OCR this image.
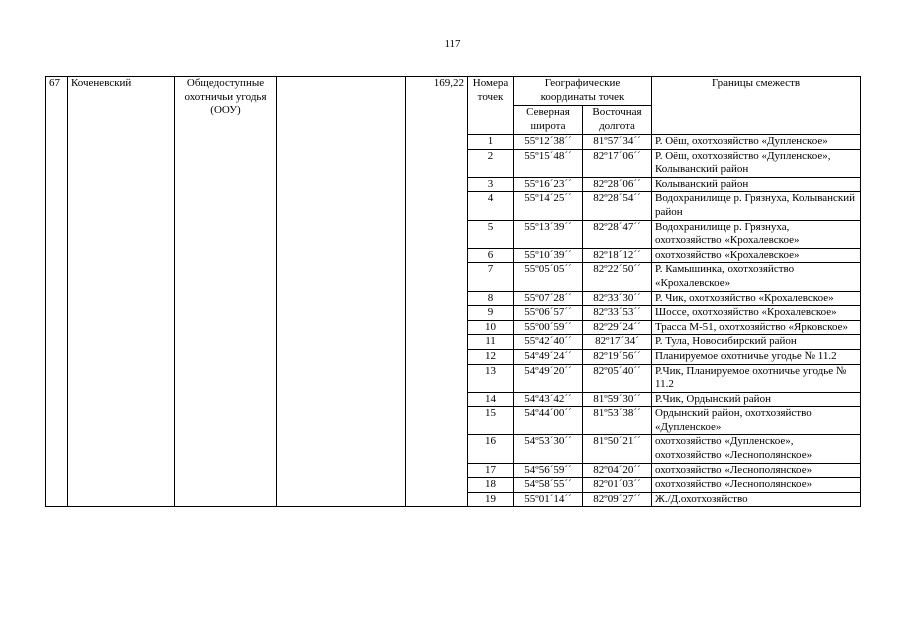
117
67	Коченевский	Общедоступные охотничьи угодья (ООУ)		169,22	Номера точек	Географические координаты точек		Границы смежеств
						Северная широта	Восточная долгота	
					1	55º12´38´´	81º57´34´´	Р. Оёш, охотхозяйство «Дупленское»
					2	55º15´48´´	82º17´06´´	Р. Оёш, охотхозяйство «Дупленское», Колыванский район
					3	55º16´23´´	82º28´06´´	Колыванский район
					4	55º14´25´´	82º28´54´´	Водохранилище р. Грязнуха, Колыванский район
					5	55º13´39´´	82º28´47´´	Водохранилище р. Грязнуха, охотхозяйство «Крохалевское»
					6	55º10´39´´	82º18´12´´	охотхозяйство «Крохалевское»
					7	55º05´05´´	82º22´50´´	Р. Камышинка, охотхозяйство «Крохалевское»
					8	55º07´28´´	82º33´30´´	Р. Чик, охотхозяйство «Крохалевское»
					9	55º06´57´´	82º33´53´´	Шоссе, охотхозяйство «Крохалевское»
					10	55º00´59´´	82º29´24´´	Трасса М-51, охотхозяйство «Ярковское»
					11	55º42´40´´	82º17´34´	Р. Тула, Новосибирский район
					12	54º49´24´´	82º19´56´´	Планируемое охотничье угодье № 11.2
					13	54º49´20´´	82º05´40´´	Р.Чик, Планируемое охотничье угодье № 11.2
					14	54º43´42´´	81º59´30´´	Р.Чик, Ордынский район
					15	54º44´00´´	81º53´38´´	Ордынский район, охотхозяйство «Дупленское»
					16	54º53´30´´	81º50´21´´	охотхозяйство «Дупленское», охотхозяйство «Леснополянское»
					17	54º56´59´´	82º04´20´´	охотхозяйство «Леснополянское»
					18	54º58´55´´	82º01´03´´	охотхозяйство «Леснополянское»
					19	55º01´14´´	82º09´27´´	Ж./Д.охотхозяйство
